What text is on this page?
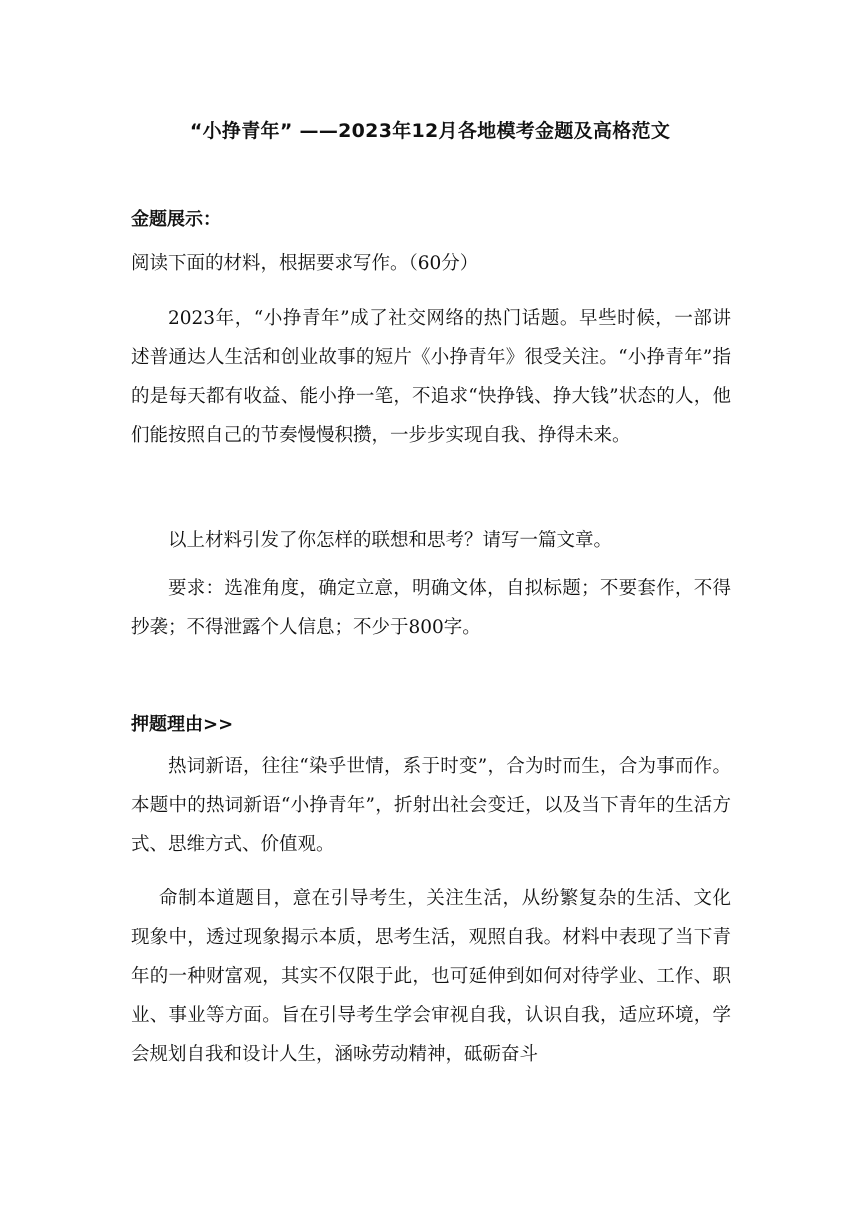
“小挣青年” ——2023年12月各地模考金题及高格范文
金题展示：

阅读下面的材料，根据要求写作。（60分）

2023年，“小挣青年”成了社交网络的热门话题。早些时候，一部讲述普通达人生活和创业故事的短片《小挣青年》很受关注。“小挣青年”指的是每天都有收益、能小挣一笔，不追求“快挣钱、挣大钱”状态的人，他们能按照自己的节奏慢慢积攒，一步步实现自我、挣得未来。

以上材料引发了你怎样的联想和思考？请写一篇文章。

要求：选准角度，确定立意，明确文体，自拟标题；不要套作，不得抄袭；不得泄露个人信息；不少于800字。

押题理由>>

热词新语，往往“染乎世情，系于时变”，合为时而生，合为事而作。本题中的热词新语“小挣青年”，折射出社会变迁，以及当下青年的生活方式、思维方式、价值观。

命制本道题目，意在引导考生，关注生活，从纷繁复杂的生活、文化现象中，透过现象揭示本质，思考生活，观照自我。材料中表现了当下青年的一种财富观，其实不仅限于此，也可延伸到如何对待学业、工作、职业、事业等方面。旨在引导考生学会审视自我，认识自我，适应环境，学会规划自我和设计人生，涵咏劳动精神，砥砺奋斗
